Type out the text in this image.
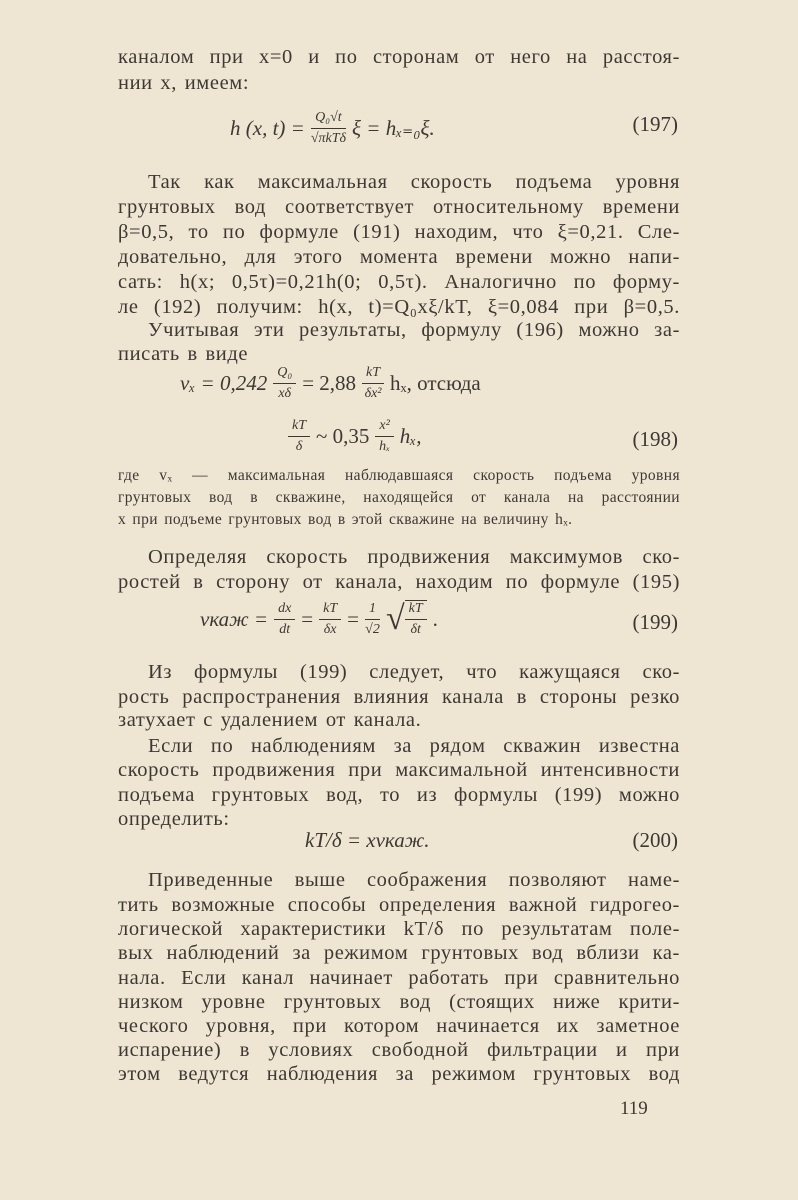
каналом при x=0 и по сторонам от него на расстоя-
нии x, имеем:
h (x, t) = Q₀√t
√πkTδ ξ = hₓ₌₀ξ.	(197)
Так как максимальная скорость подъема уровня
грунтовых вод соответствует относительному времени
β=0,5, то по формуле (191) находим, что ξ=0,21. Сле-
довательно, для этого момента времени можно напи-
сать: h(x; 0,5τ)=0,21h(0; 0,5τ). Аналогично по форму-
ле (192) получим: h(x, t)=Q₀xξ/kT, ξ=0,084 при β=0,5.
Учитывая эти результаты, формулу (196) можно за-
писать в виде
$v_x = 0,242 \frac{\text{Q₀}}{x\delta} = 2,88 \frac{kT}{\text{δx²}} h_x$, отсюда
$\frac{kT}{\delta}$ ~ $0,35 \frac{\text{x²}}{\text{hₓ}} h_x$,	(198)
где vₓ — максимальная наблюдавшаяся скорость подъема уровня
грунтовых вод в скважине, находящейся от канала на расстоянии
x при подъеме грунтовых вод в этой скважине на величину hₓ.
Определяя скорость продвижения максимумов ско-
ростей в сторону от канала, находим по формуле (195)
vкаж = $\frac{dx}{dt} = \frac{kT}{\delta x} = \frac{1}{√2}$ √ $\frac{kT}{\delta t}$ .	(199)
Из формулы (199) следует, что кажущаяся ско-
рость распространения влияния канала в стороны резко
затухает с удалением от канала.
Если по наблюдениям за рядом скважин известна
скорость продвижения при максимальной интенсивности
подъема грунтовых вод, то из формулы (199) можно
определить:
kT/δ = xvкаж.	(200)
Приведенные выше соображения позволяют наме-
тить возможные способы определения важной гидрогео-
логической характеристики kT/δ по результатам поле-
вых наблюдений за режимом грунтовых вод вблизи ка-
нала. Если канал начинает работать при сравнительно
низком уровне грунтовых вод (стоящих ниже крити-
ческого уровня, при котором начинается их заметное
испарение) в условиях свободной фильтрации и при
этом ведутся наблюдения за режимом грунтовых вод
119
